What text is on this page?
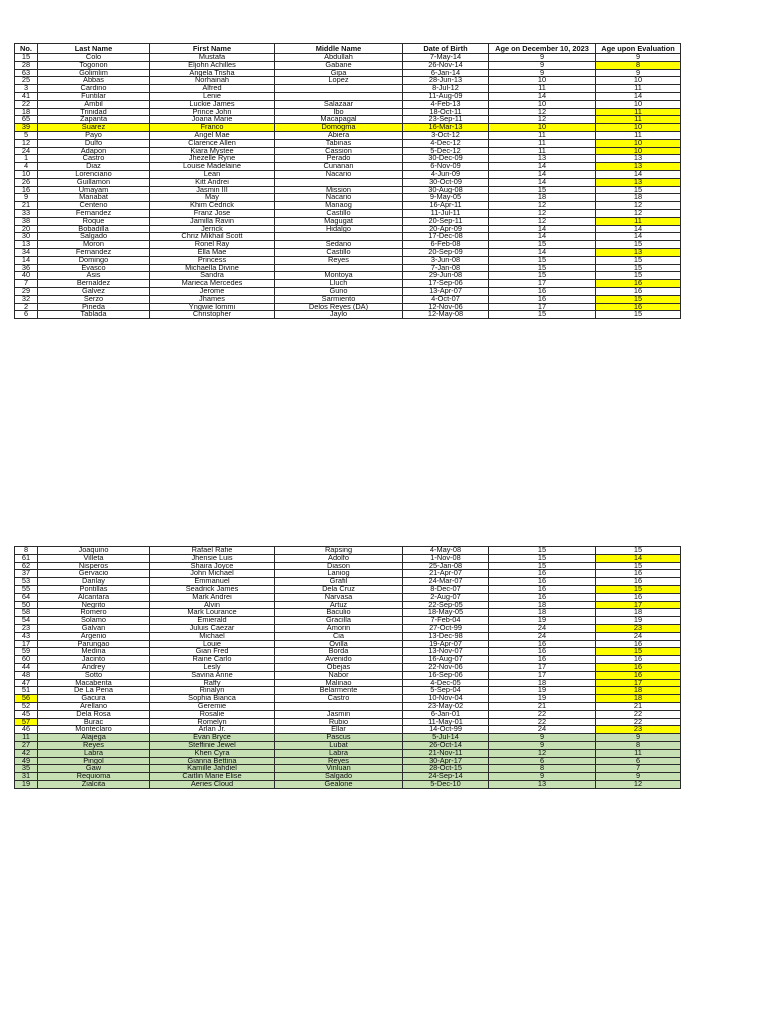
No.	Last Name	First Name	Middle Name	Date of Birth	Age on December 10, 2023	Age upon Evaluation
15	Colo	Mustafa	Abdullah	7-May-14	9	9
28	Togonon	Eljohn Achilles	Gabane	26-Nov-14	9	8
63	Golimlim	Angela Trisha	Gipa	6-Jan-14	9	9
25	Abbas	Norhainah	Lopez	28-Jun-13	10	10
3	Cardino	Alfred		8-Jul-12	11	11
41	Funtilar	Lenie		11-Aug-09	14	14
22	Ambil	Luckie James	Salazaar	4-Feb-13	10	10
18	Trinidad	Prince John	Ibo	18-Oct-11	12	11
65	Zapanta	Joana Marie	Macapagal	23-Sep-11	12	11
39	Suarez	Franco	Domogma	16-Mar-13	10	10
5	Payo	Angel Mae	Abiera	3-Oct-12	11	11
12	Dulfo	Clarence Allen	Tabinas	4-Dec-12	11	10
24	Adapon	Kiara Mystee	Cassion	5-Dec-12	11	10
1	Castro	Jhezelle Ryne	Perado	30-Dec-09	13	13
4	Diaz	Louise Madelaine	Cunanan	6-Nov-09	14	13
10	Lorenciano	Lean	Nacario	4-Jun-09	14	14
26	Guillamon	Kitt Andrei		30-Oct-09	14	13
16	Umayam	Jasmin III	Mission	30-Aug-08	15	15
9	Manabat	May	Nacario	9-May-05	18	18
21	Centeno	Khim Cedrick	Manaog	16-Apr-11	12	12
33	Fernandez	Franz Jose	Castillo	11-Jul-11	12	12
38	Roque	Jamilla Ravin	Magugat	20-Sep-11	12	11
20	Bobadilla	Jerrick	Hidalgo	20-Apr-09	14	14
30	Salgado	Chriz Mikhail Scott		17-Dec-08	14	14
13	Moron	Ronel Ray	Sedano	6-Feb-08	15	15
34	Fernandez	Ella Mae	Castillo	20-Sep-09	14	13
14	Domingo	Princess	Reyes	3-Jun-08	15	15
36	Evasco	Michaella Divine		7-Jan-08	15	15
40	Asis	Sandra	Montoya	29-Jun-08	15	15
7	Bernaldez	Marieca Mercedes	Lluch	17-Sep-06	17	16
29	Galvez	Jerome	Guno	13-Apr-07	16	16
32	Serzo	Jhames	Sarmiento	4-Oct-07	16	15
2	Pineda	Yngwie Iommi	Delos Reyes (DA)	12-Nov-06	17	16
6	Tablada	Christopher	Jaylo	12-May-08	15	15
8	Joaquino	Rafael Rafie	Rapsing	4-May-08	15	15
61	Villeta	Jhensie Luis	Adolfo	1-Nov-08	15	14
62	Nisperos	Shaira Joyce	Diason	25-Jan-08	15	15
37	Gervacio	John Michael	Laniog	21-Apr-07	16	16
53	Darilay	Emmanuel	Grafil	24-Mar-07	16	16
55	Pontillas	Seadrick James	Dela Cruz	8-Dec-07	16	15
64	Alcantara	Mark Andrei	Narvasa	2-Aug-07	16	16
50	Negrito	Alvin	Artuz	22-Sep-05	18	17
58	Romero	Mark Lourance	Baculio	18-May-05	18	18
54	Solamo	Emierald	Gracilla	7-Feb-04	19	19
23	Galvan	Juluis Caezar	Amorin	27-Oct-99	24	23
43	Argenio	Michael	Cia	13-Dec-98	24	24
17	Parungao	Louie	Ovilla	19-Apr-07	16	16
59	Medina	Gian Fred	Borda	13-Nov-07	16	15
60	Jacinto	Raine Carlo	Avenido	16-Aug-07	16	16
44	Andrey	Lesly	Obejas	22-Nov-06	17	16
48	Sotto	Savina Anne	Nabor	16-Sep-06	17	16
47	Macabenta	Raffy	Malinao	4-Dec-05	18	17
51	De La Pena	Rinalyn	Belarmente	5-Sep-04	19	18
56	Gacura	Sophia Bianca	Castro	10-Nov-04	19	18
52	Arellano	Geremie		23-May-02	21	21
45	Dela Rosa	Rosalie	Jasmin	6-Jan-01	22	22
57	Burac	Romelyn	Rubio	11-May-01	22	22
46	Monteclaro	Arlan Jr.	Ellar	14-Oct-99	24	23
11	Alajega	Evan Bryce	Pascus	5-Jul-14	9	9
27	Reyes	Steffinie Jewel	Lubat	26-Oct-14	9	8
42	Labra	Khen Cyra	Labra	21-Nov-11	12	11
49	Pingol	Gianna Bettina	Reyes	30-Apr-17	6	6
35	Gaw	Kamille Jahdiel	Vinluan	28-Oct-15	8	7
31	Requioma	Caitlin Marie Elise	Salgado	24-Sep-14	9	9
19	Zialcita	Aeries Cloud	Gealone	5-Dec-10	13	12
